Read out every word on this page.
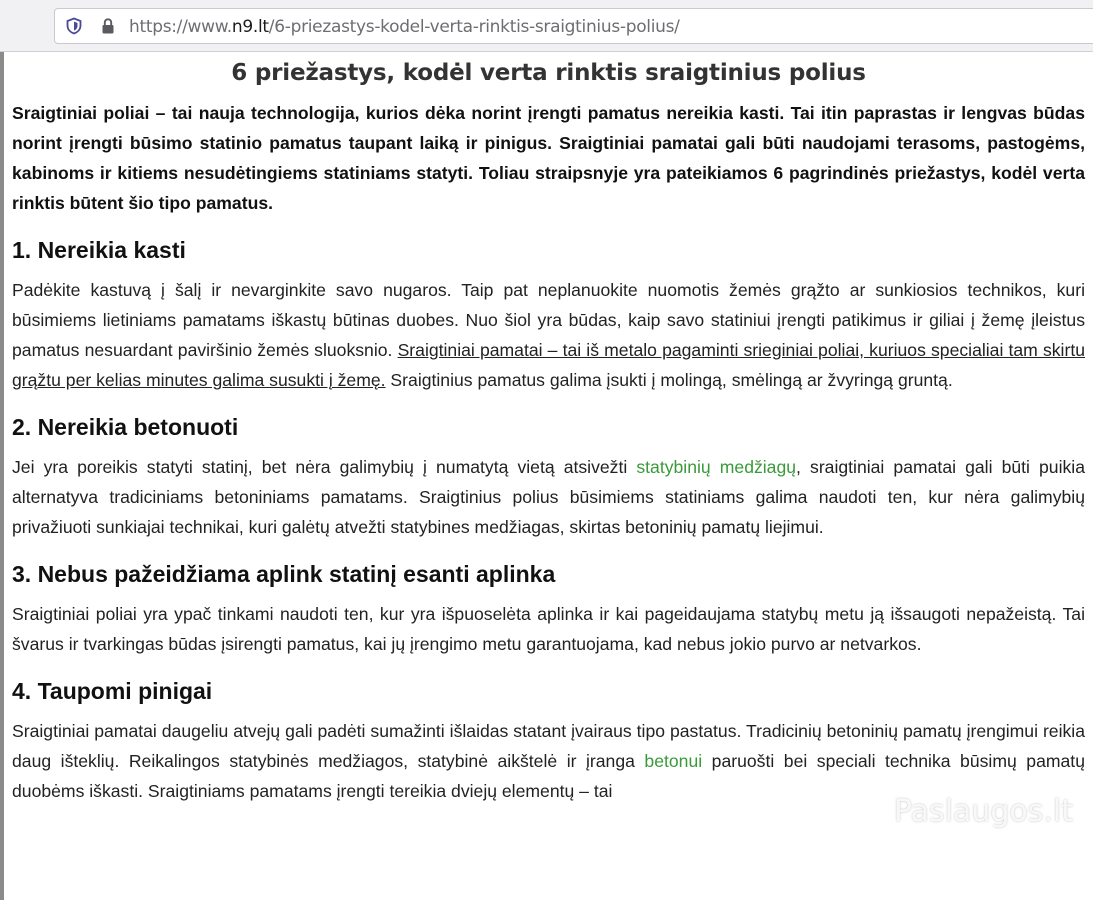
https://www.n9.lt/6-priezastys-kodel-verta-rinktis-sraigtinius-polius/
6 priežastys, kodėl verta rinktis sraigtinius polius

Sraigtiniai poliai – tai nauja technologija, kurios dėka norint įrengti pamatus nereikia kasti. Tai itin paprastas ir lengvas būdas norint įrengti būsimo statinio pamatus taupant laiką ir pinigus. Sraigtiniai pamatai gali būti naudojami terasoms, pastogėms, kabinoms ir kitiems nesudėtingiems statiniams statyti. Toliau straipsnyje yra pateikiamos 6 pagrindinės priežastys, kodėl verta rinktis būtent šio tipo pamatus.

1. Nereikia kasti

Padėkite kastuvą į šalį ir nevarginkite savo nugaros. Taip pat neplanuokite nuomotis žemės grąžto ar sunkiosios technikos, kuri būsimiems lietiniams pamatams iškastų būtinas duobes. Nuo šiol yra būdas, kaip savo statiniui įrengti patikimus ir giliai į žemę įleistus pamatus nesuardant paviršinio žemės sluoksnio. Sraigtiniai pamatai – tai iš metalo pagaminti srieginiai poliai, kuriuos specialiai tam skirtu grąžtu per kelias minutes galima susukti į žemę. Sraigtinius pamatus galima įsukti į molingą, smėlingą ar žvyringą gruntą.

2. Nereikia betonuoti

Jei yra poreikis statyti statinį, bet nėra galimybių į numatytą vietą atsivežti statybinių medžiagų, sraigtiniai pamatai gali būti puikia alternatyva tradiciniams betoniniams pamatams. Sraigtinius polius būsimiems statiniams galima naudoti ten, kur nėra galimybių privažiuoti sunkiajai technikai, kuri galėtų atvežti statybines medžiagas, skirtas betoninių pamatų liejimui.

3. Nebus pažeidžiama aplink statinį esanti aplinka

Sraigtiniai poliai yra ypač tinkami naudoti ten, kur yra išpuoselėta aplinka ir kai pageidaujama statybų metu ją išsaugoti nepažeistą. Tai švarus ir tvarkingas būdas įsirengti pamatus, kai jų įrengimo metu garantuojama, kad nebus jokio purvo ar netvarkos.

4. Taupomi pinigai

Sraigtiniai pamatai daugeliu atvejų gali padėti sumažinti išlaidas statant įvairaus tipo pastatus. Tradicinių betoninių pamatų įrengimui reikia daug išteklių. Reikalingos statybinės medžiagos, statybinė aikštelė ir įranga betonui paruošti bei speciali technika būsimų pamatų duobėms iškasti. Sraigtiniams pamatams įrengti tereikia dviejų elementų – tai

Paslaugos.lt
